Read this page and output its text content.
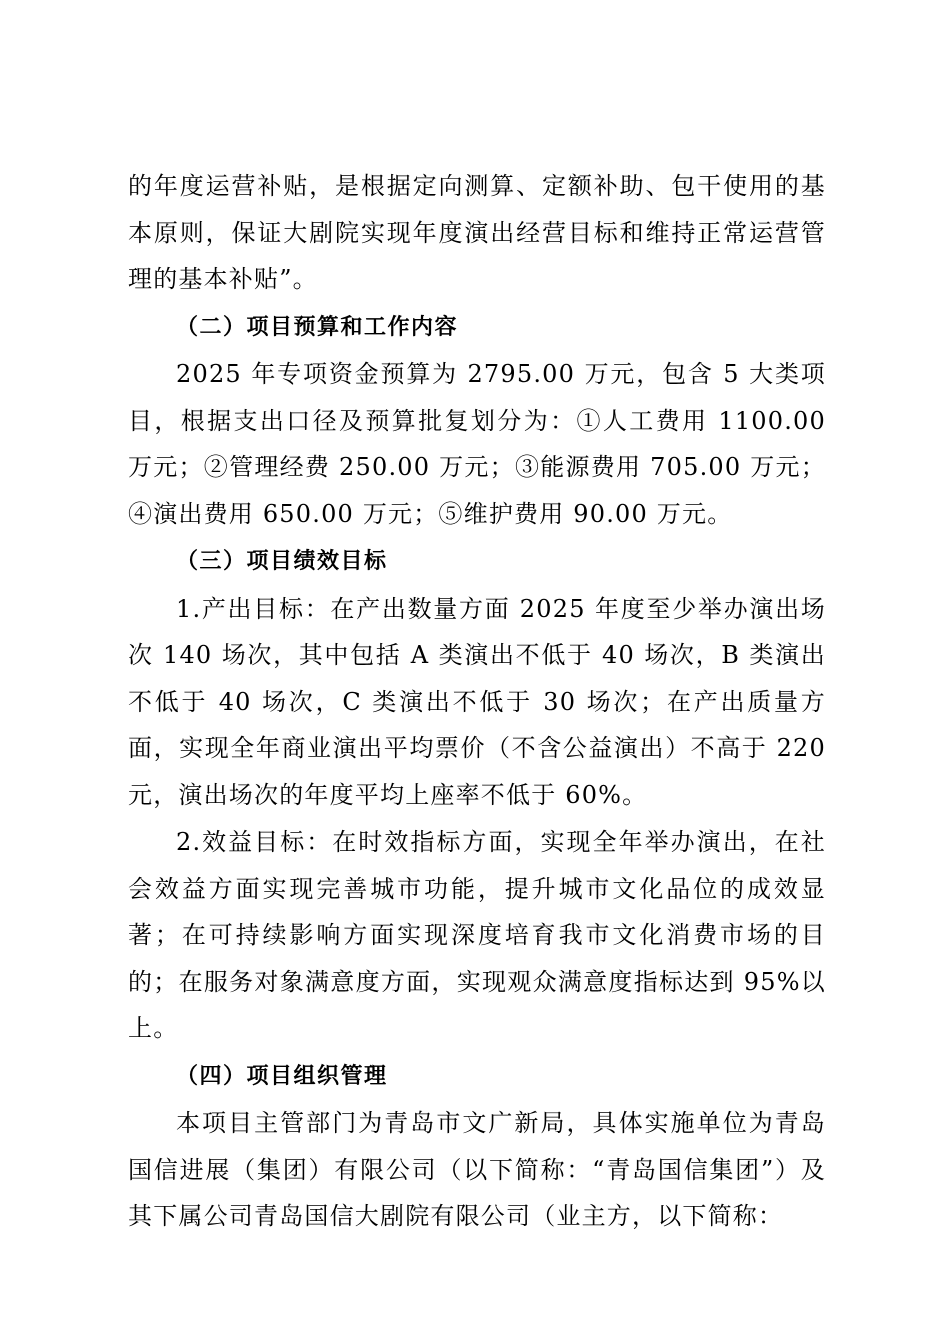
的年度运营补贴，是根据定向测算、定额补助、包干使用的基本原则，保证大剧院实现年度演出经营目标和维持正常运营管理的基本补贴”。

（二）项目预算和工作内容

2025 年专项资金预算为 2795.00 万元，包含 5 大类项目，根据支出口径及预算批复划分为：①人工费用 1100.00 万元；②管理经费 250.00 万元；③能源费用 705.00 万元；④演出费用 650.00 万元；⑤维护费用 90.00 万元。

（三）项目绩效目标

1.产出目标：在产出数量方面 2025 年度至少举办演出场次 140 场次，其中包括 A 类演出不低于 40 场次，B 类演出不低于 40 场次，C 类演出不低于 30 场次；在产出质量方面，实现全年商业演出平均票价（不含公益演出）不高于 220 元，演出场次的年度平均上座率不低于 60%。

2.效益目标：在时效指标方面，实现全年举办演出，在社会效益方面实现完善城市功能，提升城市文化品位的成效显著；在可持续影响方面实现深度培育我市文化消费市场的目的；在服务对象满意度方面，实现观众满意度指标达到 95%以上。

（四）项目组织管理

本项目主管部门为青岛市文广新局，具体实施单位为青岛国信进展（集团）有限公司（以下简称：“青岛国信集团”）及其下属公司青岛国信大剧院有限公司（业主方，以下简称：
